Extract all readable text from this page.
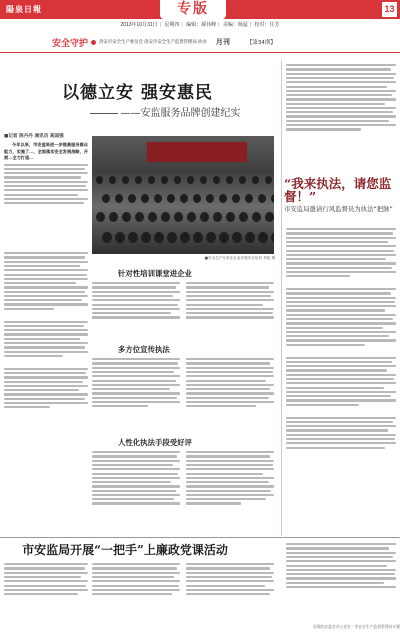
陽泉日報	专版	13
2013年10月31日 | 星期四 | 编辑：郝伟峰 | 美编：杨蕊 | 校对：任芳
安全守护	清安市安全生产委员会 清安市安全生产监督管理局 协办 月刊	【第34期】
以德立安 强安惠民
——安监服务品牌创建纪实
■记者 陈丹丹 通讯员 高国强

今年以来，市安监局进一步提高服务群众能力，实施了…，全面落实安全发展战略，开展…全力打造…

■安全生产专家在企业开展安全培训 李政 摄
针对性培训课堂进企业
多方位宣传执法
人性化执法手段受好评
“我来执法，请您监督！”
市安监局邀请行风监督员为执法“把脉”
市安监局开展“一把手”上廉政党课活动
国务院安委会办公室宣 · 市安全生产监督管理局专题
